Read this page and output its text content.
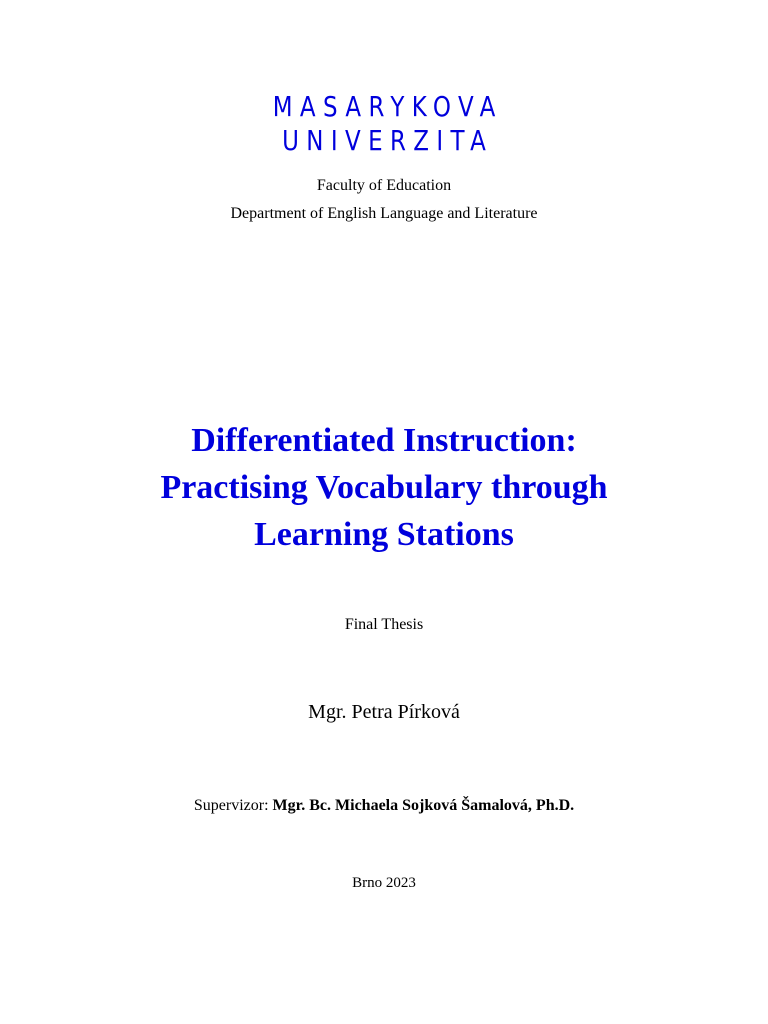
MASARYKOVA
UNIVERZITA
Faculty of Education
Department of English Language and Literature
Differentiated Instruction:
Practising Vocabulary through
Learning Stations
Final Thesis
Mgr. Petra Pírková
Supervizor: Mgr. Bc. Michaela Sojková Šamalová, Ph.D.
Brno 2023
